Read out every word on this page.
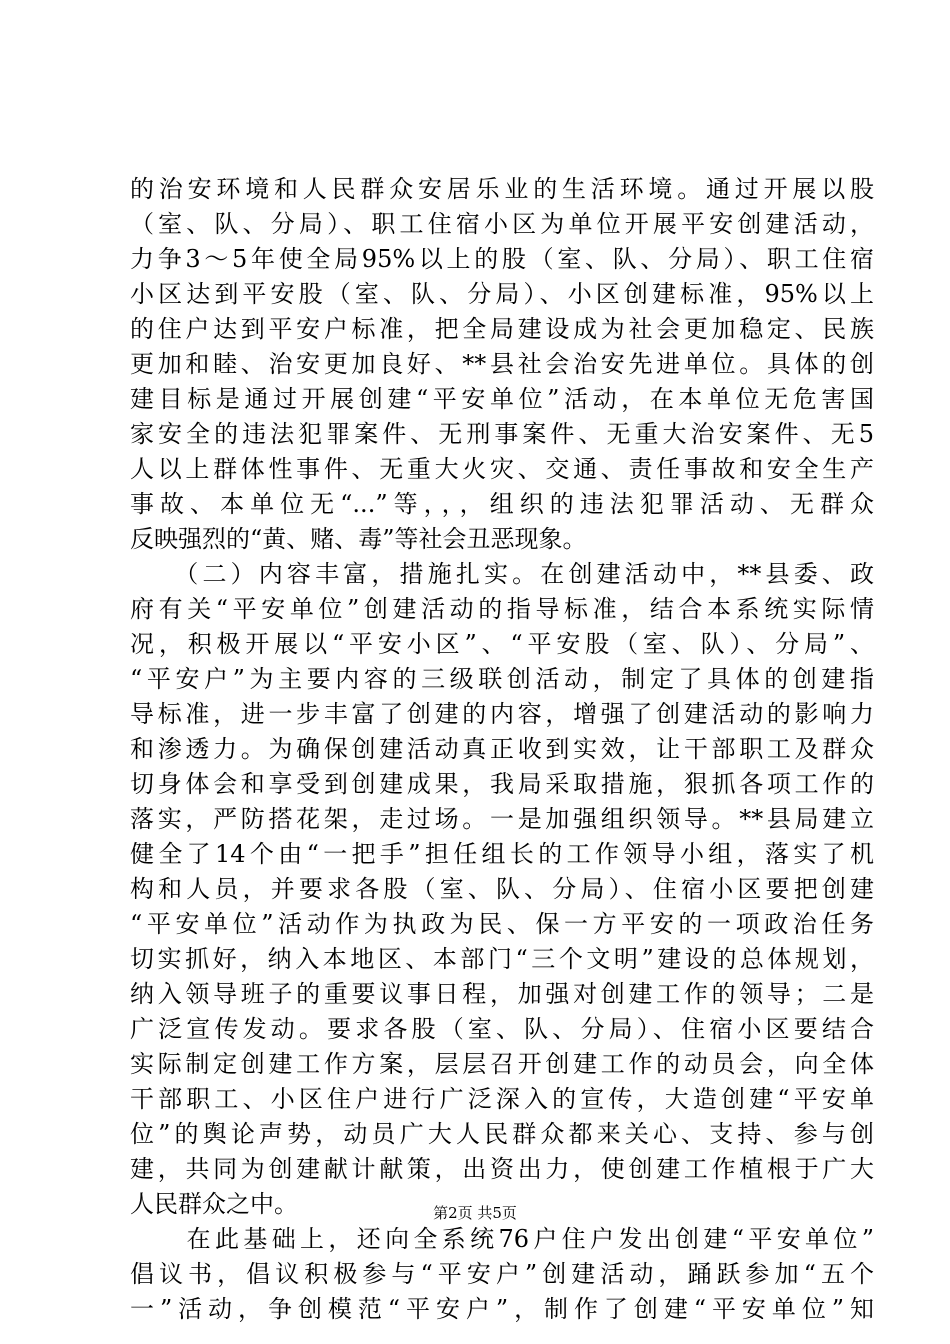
的治安环境和人民群众安居乐业的生活环境。通过开展以股
（室、队、分局）、职工住宿小区为单位开展平安创建活动，
力争3～5年使全局95%以上的股（室、队、分局）、职工住宿
小区达到平安股（室、队、分局）、小区创建标准，95%以上
的住户达到平安户标准，把全局建设成为社会更加稳定、民族
更加和睦、治安更加良好、**县社会治安先进单位。具体的创
建目标是通过开展创建“平安单位”活动，在本单位无危害国
家安全的违法犯罪案件、无刑事案件、无重大治安案件、无5
人以上群体性事件、无重大火灾、交通、责任事故和安全生产
事故、本单位无“...”等，，，组织的违法犯罪活动、无群众
反映强烈的“黄、赌、毒”等社会丑恶现象。
　　（二）内容丰富，措施扎实。在创建活动中，**县委、政
府有关“平安单位”创建活动的指导标准，结合本系统实际情
况，积极开展以“平安小区”、“平安股（室、队）、分局”、
“平安户”为主要内容的三级联创活动，制定了具体的创建指
导标准，进一步丰富了创建的内容，增强了创建活动的影响力
和渗透力。为确保创建活动真正收到实效，让干部职工及群众
切身体会和享受到创建成果，我局采取措施，狠抓各项工作的
落实，严防搭花架，走过场。一是加强组织领导。**县局建立
健全了14个由“一把手”担任组长的工作领导小组，落实了机
构和人员，并要求各股（室、队、分局）、住宿小区要把创建
“平安单位”活动作为执政为民、保一方平安的一项政治任务
切实抓好，纳入本地区、本部门“三个文明”建设的总体规划，
纳入领导班子的重要议事日程，加强对创建工作的领导；二是
广泛宣传发动。要求各股（室、队、分局）、住宿小区要结合
实际制定创建工作方案，层层召开创建工作的动员会，向全体
干部职工、小区住户进行广泛深入的宣传，大造创建“平安单
位”的舆论声势，动员广大人民群众都来关心、支持、参与创
建，共同为创建献计献策，出资出力，使创建工作植根于广大
人民群众之中。
　　在此基础上，还向全系统76户住户发出创建“平安单位”
倡议书，倡议积极参与“平安户”创建活动，踊跃参加“五个
一”活动，争创模范“平安户”，制作了创建“平安单位”知
第2页 共5页
